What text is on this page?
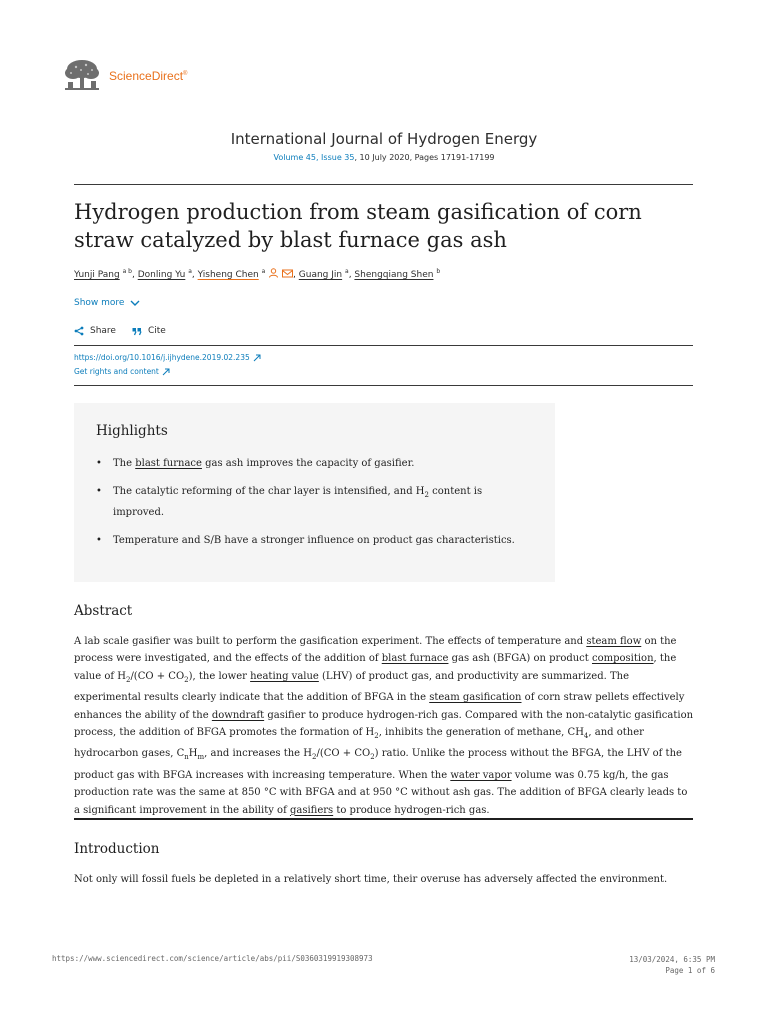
ScienceDirect®
International Journal of Hydrogen Energy
Volume 45, Issue 35, 10 July 2020, Pages 17191-17199
Hydrogen production from steam gasification of corn straw catalyzed by blast furnace gas ash
Yunji Pang $^{a b}$, Donling Yu $^a$, Yisheng Chen $^a$	, Guang Jin $^a$, Shengqiang Shen $^b$
Show more
Share	Cite
https://doi.org/10.1016/j.ijhydene.2019.02.235
Get rights and content
Highlights
• The blast furnace gas ash improves the capacity of gasifier.
• The catalytic reforming of the char layer is intensified, and $H_2$ content is improved.
• Temperature and S/B have a stronger influence on product gas characteristics.
Abstract

A lab scale gasifier was built to perform the gasification experiment. The effects of temperature and steam flow on the process were investigated, and the effects of the addition of blast furnace gas ash (BFGA) on product composition, the value of $H_2/(CO + CO_2)$, the lower heating value (LHV) of product gas, and productivity are summarized. The experimental results clearly indicate that the addition of BFGA in the steam gasification of corn straw pellets effectively enhances the ability of the downdraft gasifier to produce hydrogen-rich gas. Compared with the non-catalytic gasification process, the addition of BFGA promotes the formation of $H_2$, inhibits the generation of methane, $CH_4$, and other hydrocarbon gases, $C_nH_m$, and increases the $H_2/(CO + CO_2)$ ratio. Unlike the process without the BFGA, the LHV of the product gas with BFGA increases with increasing temperature. When the water vapor volume was 0.75 kg/h, the gas production rate was the same at 850 °C with BFGA and at 950 °C without ash gas. The addition of BFGA clearly leads to a significant improvement in the ability of gasifiers to produce hydrogen-rich gas.

Introduction

Not only will fossil fuels be depleted in a relatively short time, their overuse has adversely affected the environment.

https://www.sciencedirect.com/science/article/abs/pii/S0360319919308973	13/03/2024, 6:35 PM
Page 1 of 6
